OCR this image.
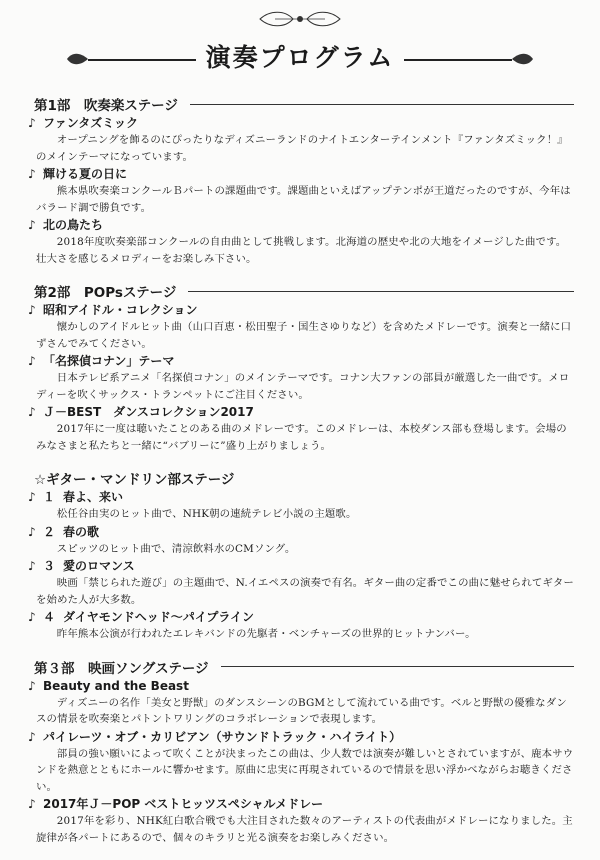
演奏プログラム
第1部　吹奏楽ステージ
♪ ファンタズミック

オープニングを飾るのにぴったりなディズニーランドのナイトエンターテインメント『ファンタズミック！』のメインテーマになっています。

♪ 輝ける夏の日に

熊本県吹奏楽コンクールＢパートの課題曲です。課題曲といえばアップテンポが王道だったのですが、今年はバラード調で勝負です。

♪ 北の鳥たち

2018年度吹奏楽部コンクールの自由曲として挑戦します。北海道の歴史や北の大地をイメージした曲です。壮大さを感じるメロディーをお楽しみ下さい。

第2部　POPsステージ
♪ 昭和アイドル・コレクション

懐かしのアイドルヒット曲（山口百恵・松田聖子・国生さゆりなど）を含めたメドレーです。演奏と一緒に口ずさんでみてください。

♪ 「名探偵コナン」テーマ

日本テレビ系アニメ「名探偵コナン」のメインテーマです。コナン大ファンの部員が厳選した一曲です。メロディーを吹くサックス・トランペットにご注目ください。

♪ Ｊ－BEST　ダンスコレクション2017

2017年に一度は聴いたことのある曲のメドレーです。このメドレーは、本校ダンス部も登場します。会場のみなさまと私たちと一緒に“バブリーに”盛り上がりましょう。

☆ギター・マンドリン部ステージ
♪ １ 春よ、来い

松任谷由実のヒット曲で、NHK朝の連続テレビ小説の主題歌。

♪ ２ 春の歌

スピッツのヒット曲で、清涼飲料水のCMソング。

♪ ３ 愛のロマンス

映画「禁じられた遊び」の主題曲で、N.イエペスの演奏で有名。ギター曲の定番でこの曲に魅せられてギターを始めた人が大多数。

♪ ４ ダイヤモンドヘッド～パイプライン

昨年熊本公演が行われたエレキバンドの先駆者・ベンチャーズの世界的ヒットナンバー。

第３部　映画ソングステージ
♪ Beauty and the Beast

ディズニーの名作「美女と野獣」のダンスシーンのBGMとして流れている曲です。ベルと野獣の優雅なダンスの情景を吹奏楽とパトントワリングのコラボレーションで表現します。

♪ パイレーツ・オブ・カリビアン（サウンドトラック・ハイライト）

部員の強い願いによって吹くことが決まったこの曲は、少人数では演奏が難しいとされていますが、鹿本サウンドを熱意とともにホールに響かせます。原曲に忠実に再現されているので情景を思い浮かべながらお聴きください。

♪ 2017年Ｊ－POP ベストヒッツスペシャルメドレー

2017年を彩り、NHK紅白歌合戦でも大注目された数々のアーティストの代表曲がメドレーになりました。主旋律が各パートにあるので、個々のキラリと光る演奏をお楽しみください。
